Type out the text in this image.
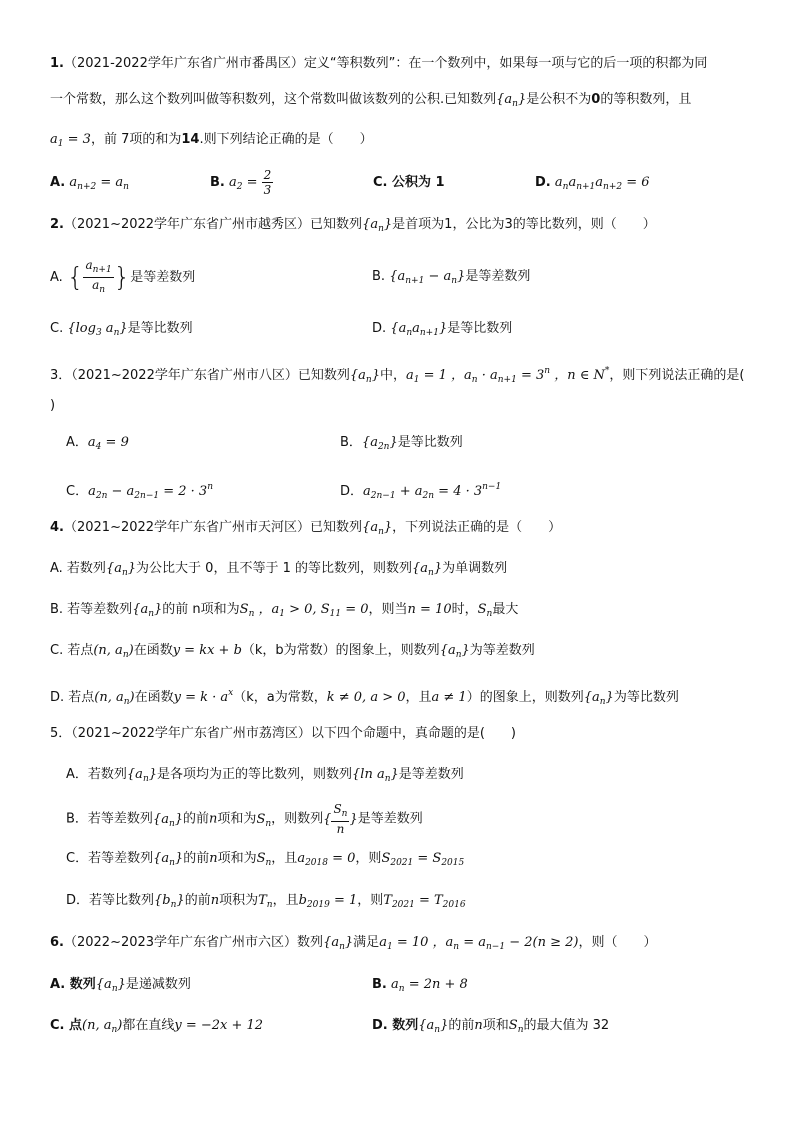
1.（2021-2022学年广东省广州市番禺区）定义“等积数列”：在一个数列中，如果每一项与它的后一项的积都为同
一个常数，那么这个数列叫做等积数列，这个常数叫做该数列的公积.已知数列$\{a_n\}$是公积不为0的等积数列，且
$a_1 = 3$，前 7项的和为14.则下列结论正确的是（　　）
A. $a_{n+2} = a_n$	B. $a_2 = \frac{2}{3}$	C. 公积为 1	D. $a_na_{n+1}a_{n+2} = 6$
2.（2021~2022学年广东省广州市越秀区）已知数列$\{a_n\}$是首项为1，公比为3的等比数列，则（　　）
A. { $\frac{a_{n+1}}{a_n}$ }是等差数列	B. $\{a_{n+1} - a_n\}$是等差数列
C. {$\log_3$ $a_n$}是等比数列	D. $\{a_na_{n+1}\}$是等比数列
3．（2021~2022学年广东省广州市八区）已知数列$\{a_n\}$中，$a_1 = 1$ ，$a_n \cdot a_{n+1} = 3^n$ ，n ∈ N*，则下列说法正确的是(
)
A．$a_4 = 9$	B．$\{a_{2n}\}$是等比数列
C．$a_{2n} - a_{2n-1} = 2 \cdot 3^n$	D．$a_{2n-1} + a_{2n} = 4 \cdot 3^{n-1}$
4.（2021~2022学年广东省广州市天河区）已知数列$\{a_n\}$，下列说法正确的是（　　）
A. 若数列$\{a_n\}$为公比大于 0，且不等于 1 的等比数列，则数列$\{a_n\}$为单调数列
B. 若等差数列$\{a_n\}$的前 n项和为$S_n$ ，$a_1 > 0$, $S_{11} = 0$，则当n = 10时，$S_n$最大
C. 若点(n, $a_n$)在函数y = kx + b（k，b为常数）的图象上，则数列$\{a_n\}$为等差数列
D. 若点(n, $a_n$)在函数$y = k \cdot a^x(k$，a为常数，k ≠ 0, a > 0，且a ≠ 1）的图象上，则数列$\{a_n\}$为等比数列
5．（2021~2022学年广东省广州市荔湾区）以下四个命题中，真命题的是(　　)
A．若数列$\{a_n\}$是各项均为正的等比数列，则数列{ln $a_n$}是等差数列
B．若等差数列$\{a_n\}$的前n项和为$S_n$，则数列{ $\frac{S_n}{n}$ }是等差数列
C．若等差数列$\{a_n\}$的前n项和为$S_n$，且$a_{2018} = 0$，则$S_{2021} = S_{2015}$
D．若等比数列$\{b_n\}$的前n项积为$T_n$，且$b_{2019} = 1$，则$T_{2021} = T_{2016}$
6.（2022~2023学年广东省广州市六区）数列$\{a_n\}$满足$a_1 = 10$ ，$a_n = a_{n-1} - 2(n \ge 2)$，则（　　）
A. 数列$\{a_n\}$是递减数列	B. $a_n = 2n + 8$
C. 点(n, $a_n$)都在直线y = −2x + 12	D. 数列$\{a_n\}$的前n项和$S_n$的最大值为 32
